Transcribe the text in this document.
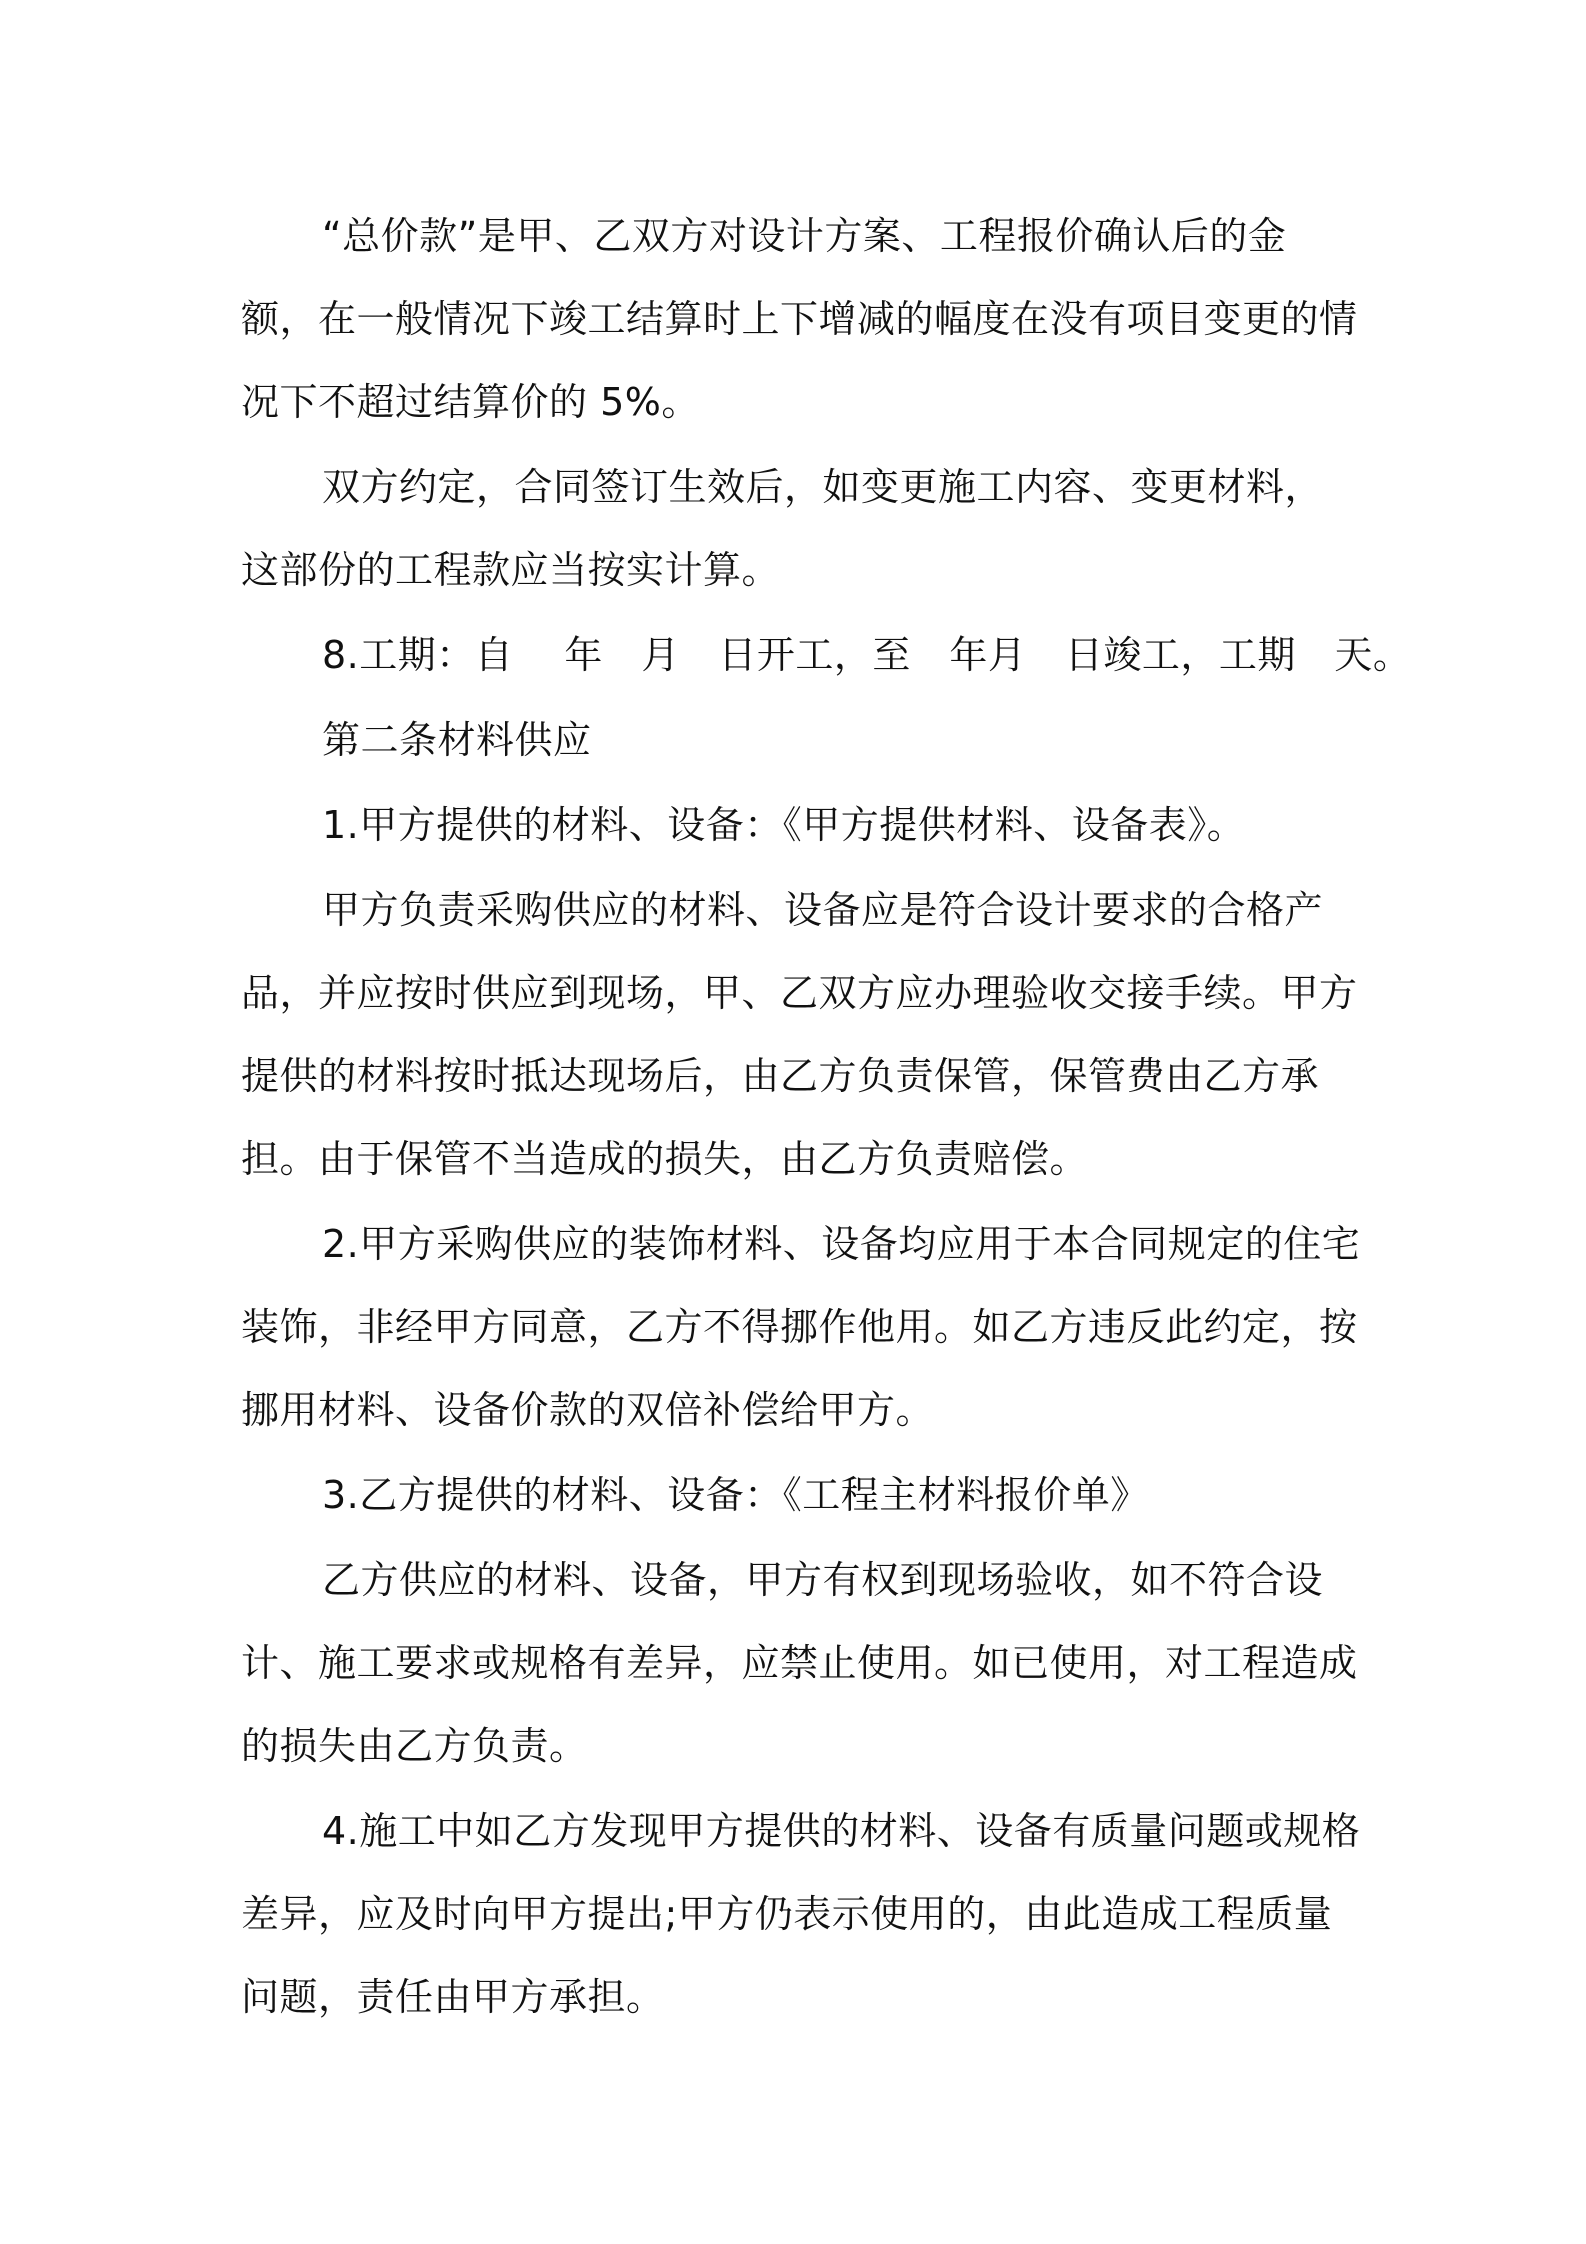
“总价款”是甲、乙双方对设计方案、工程报价确认后的金额，在一般情况下竣工结算时上下增减的幅度在没有项目变更的情况下不超过结算价的 5%。

双方约定，合同签订生效后，如变更施工内容、变更材料，这部份的工程款应当按实计算。

8.工期：自　 年　月　日开工，至　年月　日竣工，工期　天。

第二条材料供应

1.甲方提供的材料、设备：《甲方提供材料、设备表》。

甲方负责采购供应的材料、设备应是符合设计要求的合格产品，并应按时供应到现场，甲、乙双方应办理验收交接手续。甲方提供的材料按时抵达现场后，由乙方负责保管，保管费由乙方承担。由于保管不当造成的损失，由乙方负责赔偿。

2.甲方采购供应的装饰材料、设备均应用于本合同规定的住宅装饰，非经甲方同意，乙方不得挪作他用。如乙方违反此约定，按挪用材料、设备价款的双倍补偿给甲方。

3.乙方提供的材料、设备：《工程主材料报价单》

乙方供应的材料、设备，甲方有权到现场验收，如不符合设计、施工要求或规格有差异，应禁止使用。如已使用，对工程造成的损失由乙方负责。

4.施工中如乙方发现甲方提供的材料、设备有质量问题或规格差异，应及时向甲方提出;甲方仍表示使用的，由此造成工程质量问题，责任由甲方承担。
